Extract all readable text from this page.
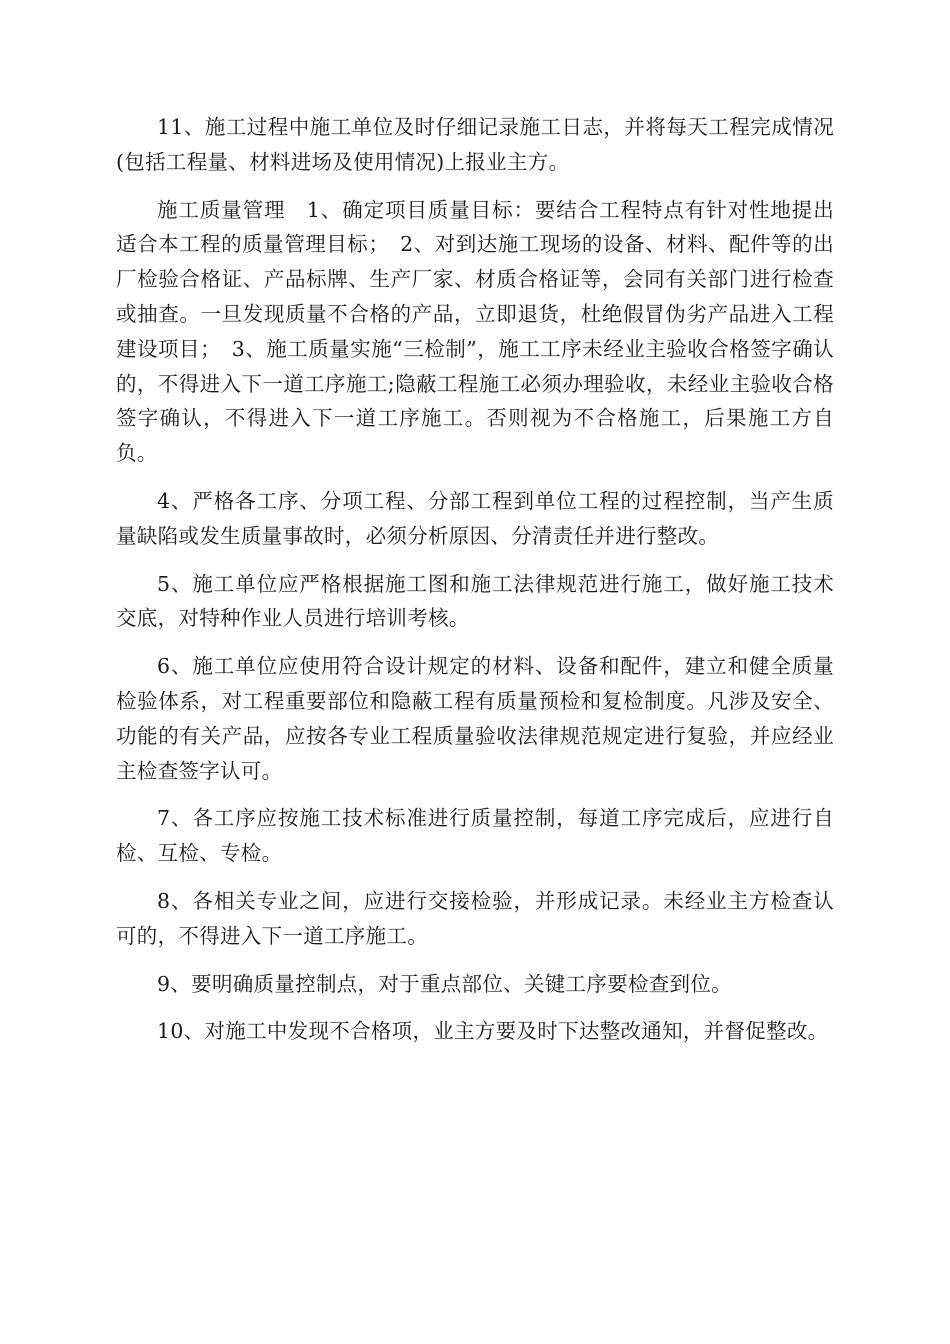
11、施工过程中施工单位及时仔细记录施工日志，并将每天工程完成情况(包括工程量、材料进场及使用情况)上报业主方。

施工质量管理　1、确定项目质量目标：要结合工程特点有针对性地提出适合本工程的质量管理目标；　2、对到达施工现场的设备、材料、配件等的出厂检验合格证、产品标牌、生产厂家、材质合格证等，会同有关部门进行检查或抽查。一旦发现质量不合格的产品，立即退货，杜绝假冒伪劣产品进入工程建设项目；　3、施工质量实施“三检制”，施工工序未经业主验收合格签字确认的，不得进入下一道工序施工;隐蔽工程施工必须办理验收，未经业主验收合格签字确认，不得进入下一道工序施工。否则视为不合格施工，后果施工方自负。

4、严格各工序、分项工程、分部工程到单位工程的过程控制，当产生质量缺陷或发生质量事故时，必须分析原因、分清责任并进行整改。

5、施工单位应严格根据施工图和施工法律规范进行施工，做好施工技术交底，对特种作业人员进行培训考核。

6、施工单位应使用符合设计规定的材料、设备和配件，建立和健全质量检验体系，对工程重要部位和隐蔽工程有质量预检和复检制度。凡涉及安全、功能的有关产品，应按各专业工程质量验收法律规范规定进行复验，并应经业主检查签字认可。

7、各工序应按施工技术标准进行质量控制，每道工序完成后，应进行自检、互检、专检。

8、各相关专业之间，应进行交接检验，并形成记录。未经业主方检查认可的，不得进入下一道工序施工。

9、要明确质量控制点，对于重点部位、关键工序要检查到位。

10、对施工中发现不合格项，业主方要及时下达整改通知，并督促整改。
